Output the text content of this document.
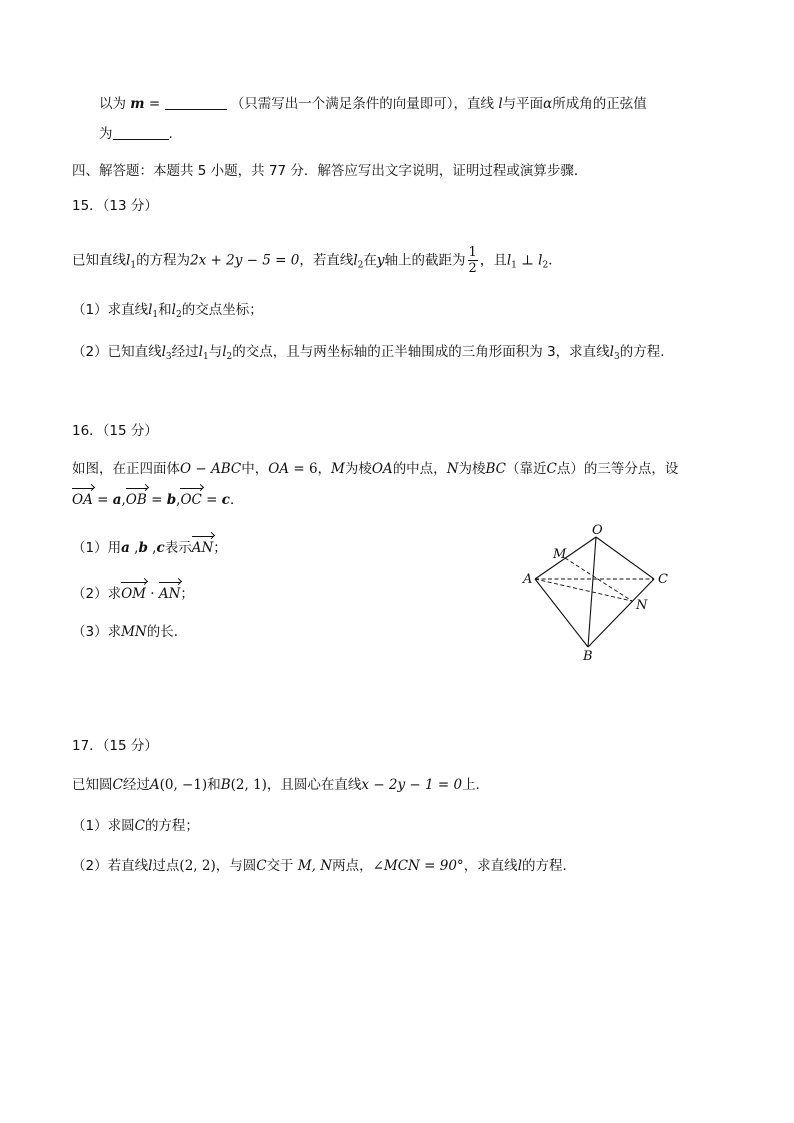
以为 m =	（只需写出一个满足条件的向量即可），直线 l与平面α所成角的正弦值
为	.
四、解答题：本题共 5 小题，共 77 分．解答应写出文字说明，证明过程或演算步骤．
15．（13 分）
已知直线$l_1$的方程为2x + 2y − 5 = 0，若直线$l_2$在y轴上的截距为 $\frac{1}{2}$ ，且$l_1$ ⊥ $l_2$．
（1）求直线$l_1$和$l_2$的交点坐标；
（2）已知直线$l_3$经过$l_1$与$l_2$的交点，且与两坐标轴的正半轴围成的三角形面积为 3，求直线$l_3$的方程．
16．（15 分）
如图，在正四面体O − ABC中，OA = 6，M为棱OA的中点，N为棱BC（靠近C点）的三等分点，设
OA = a,OB = b,OC = c．
（1）用a ,b ,c表示AN；
（2）求OM · AN；
（3）求MN的长．
O
M
A	C
N
B
17．（15 分）
已知圆C经过A(0, −1)和B(2, 1)，且圆心在直线x − 2y − 1 = 0上．
（1）求圆C的方程；
（2）若直线l过点(2, 2)，与圆C交于 M, N两点，∠MCN = 90°，求直线l的方程．
